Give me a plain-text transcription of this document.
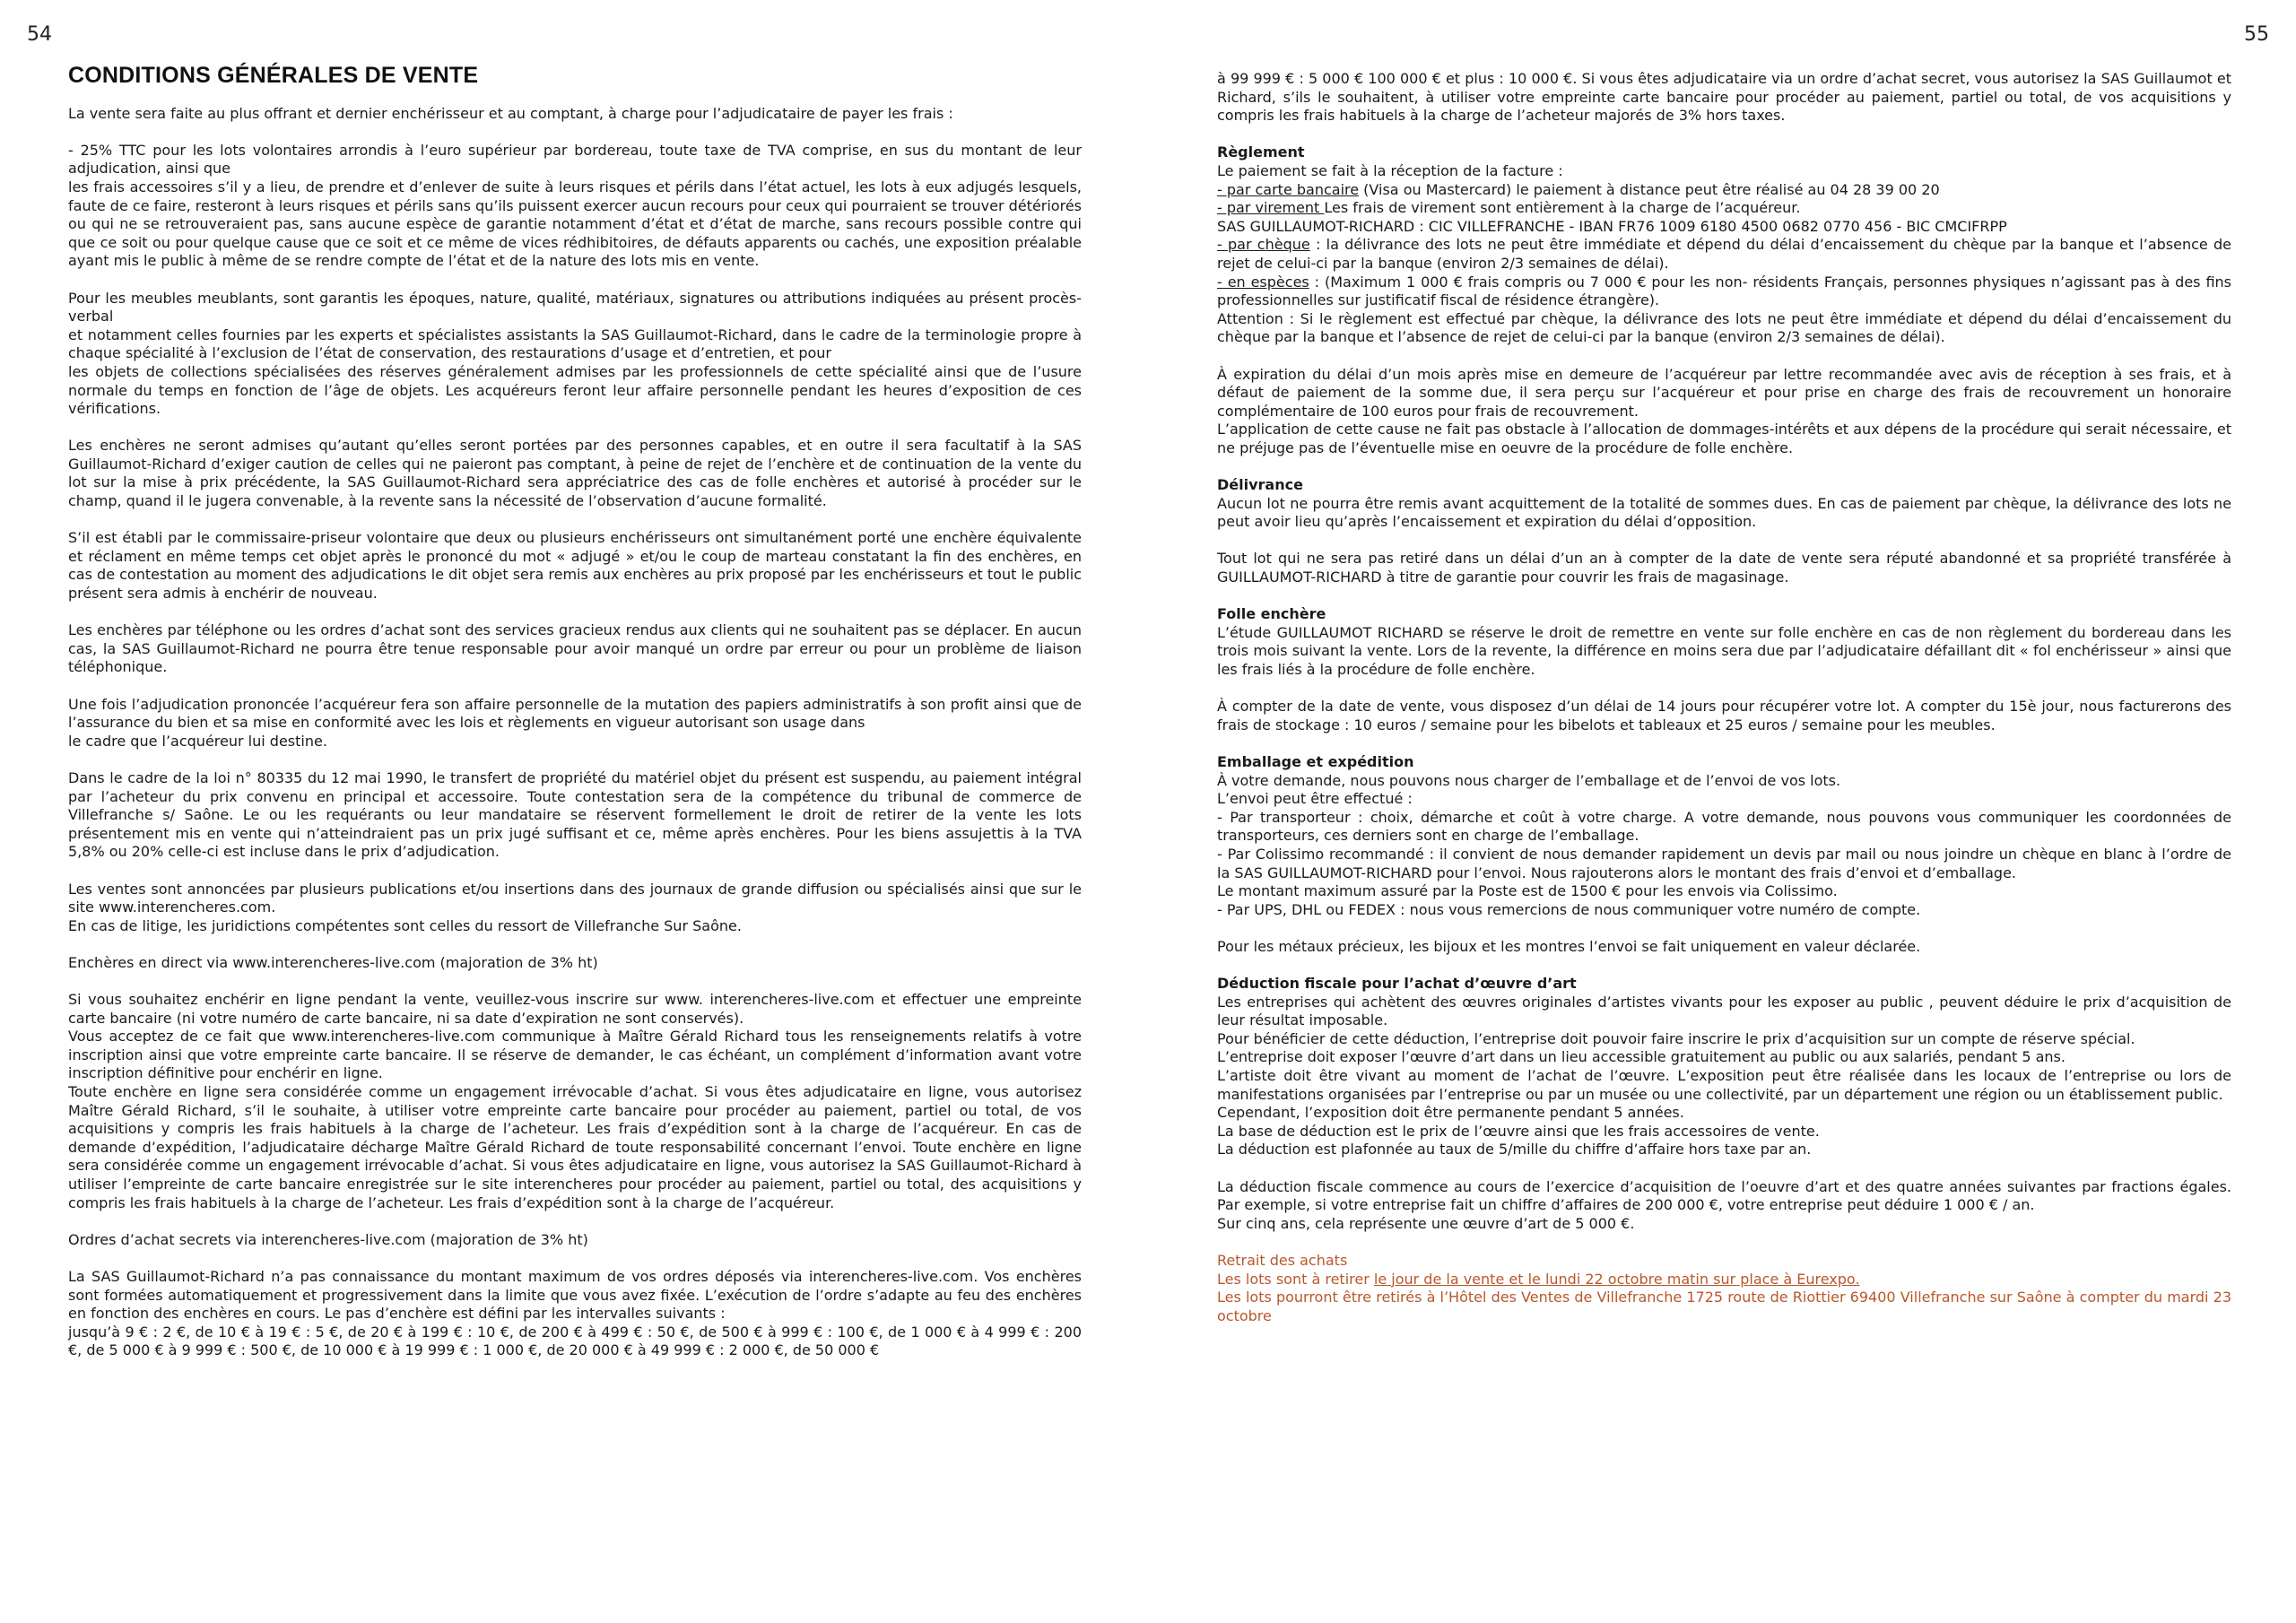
54	55
CONDITIONS GÉNÉRALES DE VENTE

La vente sera faite au plus offrant et dernier enchérisseur et au comptant, à charge pour l’adjudicataire de payer les frais :

- 25% TTC pour les lots volontaires arrondis à l’euro supérieur par bordereau, toute taxe de TVA comprise, en sus du montant de leur adjudication, ainsi que
les frais accessoires s’il y a lieu, de prendre et d’enlever de suite à leurs risques et périls dans l’état actuel, les lots à eux adjugés lesquels, faute de ce faire, resteront à leurs risques et périls sans qu’ils puissent exercer aucun recours pour ceux qui pourraient se trouver détériorés ou qui ne se retrouveraient pas, sans aucune espèce de garantie notamment d’état et d’état de marche, sans recours possible contre qui que ce soit ou pour quelque cause que ce soit et ce même de vices rédhibitoires, de défauts apparents ou cachés, une exposition préalable ayant mis le public à même de se rendre compte de l’état et de la nature des lots mis en vente.

Pour les meubles meublants, sont garantis les époques, nature, qualité, matériaux, signatures ou attributions indiquées au présent procès-verbal
et notamment celles fournies par les experts et spécialistes assistants la SAS Guillaumot-Richard, dans le cadre de la terminologie propre à chaque spécialité à l’exclusion de l’état de conservation, des restaurations d’usage et d’entretien, et pour
les objets de collections spécialisées des réserves généralement admises par les professionnels de cette spécialité ainsi que de l’usure normale du temps en fonction de l’âge de objets. Les acquéreurs feront leur affaire personnelle pendant les heures d’exposition de ces vérifications.

Les enchères ne seront admises qu’autant qu’elles seront portées par des personnes capables, et en outre il sera facultatif à la SAS Guillaumot-Richard d’exiger caution de celles qui ne paieront pas comptant, à peine de rejet de l’enchère et de continuation de la vente du lot sur la mise à prix précédente, la SAS Guillaumot-Richard sera appréciatrice des cas de folle enchères et autorisé à procéder sur le champ, quand il le jugera convenable, à la revente sans la nécessité de l’observation d’aucune formalité.

S’il est établi par le commissaire-priseur volontaire que deux ou plusieurs enchérisseurs ont simultanément porté une enchère équivalente et réclament en même temps cet objet après le prononcé du mot « adjugé » et/ou le coup de marteau constatant la fin des enchères, en cas de contestation au moment des adjudications le dit objet sera remis aux enchères au prix proposé par les enchérisseurs et tout le public présent sera admis à enchérir de nouveau.

Les enchères par téléphone ou les ordres d’achat sont des services gracieux rendus aux clients qui ne souhaitent pas se déplacer. En aucun cas, la SAS Guillaumot-Richard ne pourra être tenue responsable pour avoir manqué un ordre par erreur ou pour un problème de liaison téléphonique.

Une fois l’adjudication prononcée l’acquéreur fera son affaire personnelle de la mutation des papiers administratifs à son profit ainsi que de l’assurance du bien et sa mise en conformité avec les lois et règlements en vigueur autorisant son usage dans
le cadre que l’acquéreur lui destine.

Dans le cadre de la loi n° 80335 du 12 mai 1990, le transfert de propriété du matériel objet du présent est suspendu, au paiement intégral par l’acheteur du prix convenu en principal et accessoire. Toute contestation sera de la compétence du tribunal de commerce de Villefranche s/ Saône. Le ou les requérants ou leur mandataire se réservent formellement le droit de retirer de la vente les lots présentement mis en vente qui n’atteindraient pas un prix jugé suffisant et ce, même après enchères. Pour les biens assujettis à la TVA 5,8% ou 20% celle-ci est incluse dans le prix d’adjudication.

Les ventes sont annoncées par plusieurs publications et/ou insertions dans des journaux de grande diffusion ou spécialisés ainsi que sur le site www.interencheres.com.
En cas de litige, les juridictions compétentes sont celles du ressort de Villefranche Sur Saône.

Enchères en direct via www.interencheres-live.com (majoration de 3% ht)

Si vous souhaitez enchérir en ligne pendant la vente, veuillez-vous inscrire sur www. interencheres-live.com et effectuer une empreinte carte bancaire (ni votre numéro de carte bancaire, ni sa date d’expiration ne sont conservés).
Vous acceptez de ce fait que www.interencheres-live.com communique à Maître Gérald Richard tous les renseignements relatifs à votre inscription ainsi que votre empreinte carte bancaire. Il se réserve de demander, le cas échéant, un complément d’information avant votre inscription définitive pour enchérir en ligne.
Toute enchère en ligne sera considérée comme un engagement irrévocable d’achat. Si vous êtes adjudicataire en ligne, vous autorisez Maître Gérald Richard, s’il le souhaite, à utiliser votre empreinte carte bancaire pour procéder au paiement, partiel ou total, de vos acquisitions y compris les frais habituels à la charge de l’acheteur. Les frais d’expédition sont à la charge de l’acquéreur. En cas de demande d’expédition, l’adjudicataire décharge Maître Gérald Richard de toute responsabilité concernant l’envoi. Toute enchère en ligne sera considérée comme un engagement irrévocable d’achat. Si vous êtes adjudicataire en ligne, vous autorisez la SAS Guillaumot-Richard à utiliser l’empreinte de carte bancaire enregistrée sur le site interencheres pour procéder au paiement, partiel ou total, des acquisitions y compris les frais habituels à la charge de l’acheteur. Les frais d’expédition sont à la charge de l’acquéreur.

Ordres d’achat secrets via interencheres-live.com (majoration de 3% ht)

La SAS Guillaumot-Richard n’a pas connaissance du montant maximum de vos ordres déposés via interencheres-live.com. Vos enchères sont formées automatiquement et progressivement dans la limite que vous avez fixée. L’exécution de l’ordre s’adapte au feu des enchères en fonction des enchères en cours. Le pas d’enchère est défini par les intervalles suivants :
jusqu’à 9 € : 2 €, de 10 € à 19 € : 5 €, de 20 € à 199 € : 10 €, de 200 € à 499 € : 50 €, de 500 € à 999 € : 100 €, de 1 000 € à 4 999 € : 200 €, de 5 000 € à 9 999 € : 500 €, de 10 000 € à 19 999 € : 1 000 €, de 20 000 € à 49 999 € : 2 000 €, de 50 000 €

à 99 999 € : 5 000 € 100 000 € et plus : 10 000 €. Si vous êtes adjudicataire via un ordre d’achat secret, vous autorisez la SAS Guillaumot et Richard, s’ils le souhaitent, à utiliser votre empreinte carte bancaire pour procéder au paiement, partiel ou total, de vos acquisitions y compris les frais habituels à la charge de l’acheteur majorés de 3% hors taxes.

Règlement
Le paiement se fait à la réception de la facture :
- par carte bancaire (Visa ou Mastercard) le paiement à distance peut être réalisé au 04 28 39 00 20
- par virement Les frais de virement sont entièrement à la charge de l’acquéreur.
SAS GUILLAUMOT-RICHARD : CIC VILLEFRANCHE - IBAN FR76 1009 6180 4500 0682 0770 456 - BIC CMCIFRPP
- par chèque : la délivrance des lots ne peut être immédiate et dépend du délai d’encaissement du chèque par la banque et l’absence de rejet de celui-ci par la banque (environ 2/3 semaines de délai).
- en espèces : (Maximum 1 000 € frais compris ou 7 000 € pour les non- résidents Français, personnes physiques n’agissant pas à des fins professionnelles sur justificatif fiscal de résidence étrangère).
Attention : Si le règlement est effectué par chèque, la délivrance des lots ne peut être immédiate et dépend du délai d’encaissement du chèque par la banque et l’absence de rejet de celui-ci par la banque (environ 2/3 semaines de délai).

À expiration du délai d’un mois après mise en demeure de l’acquéreur par lettre recommandée avec avis de réception à ses frais, et à défaut de paiement de la somme due, il sera perçu sur l’acquéreur et pour prise en charge des frais de recouvrement un honoraire complémentaire de 100 euros pour frais de recouvrement.
L’application de cette cause ne fait pas obstacle à l’allocation de dommages-intérêts et aux dépens de la procédure qui serait nécessaire, et ne préjuge pas de l’éventuelle mise en oeuvre de la procédure de folle enchère.

Délivrance
Aucun lot ne pourra être remis avant acquittement de la totalité de sommes dues. En cas de paiement par chèque, la délivrance des lots ne peut avoir lieu qu’après l’encaissement et expiration du délai d’opposition.

Tout lot qui ne sera pas retiré dans un délai d’un an à compter de la date de vente sera réputé abandonné et sa propriété transférée à GUILLAUMOT-RICHARD à titre de garantie pour couvrir les frais de magasinage.

Folle enchère
L’étude GUILLAUMOT RICHARD se réserve le droit de remettre en vente sur folle enchère en cas de non règlement du bordereau dans les trois mois suivant la vente. Lors de la revente, la différence en moins sera due par l’adjudicataire défaillant dit « fol enchérisseur » ainsi que les frais liés à la procédure de folle enchère.

À compter de la date de vente, vous disposez d’un délai de 14 jours pour récupérer votre lot. A compter du 15è jour, nous facturerons des frais de stockage : 10 euros / semaine pour les bibelots et tableaux et 25 euros / semaine pour les meubles.

Emballage et expédition
À votre demande, nous pouvons nous charger de l’emballage et de l’envoi de vos lots.
L’envoi peut être effectué :
- Par transporteur : choix, démarche et coût à votre charge. A votre demande, nous pouvons vous communiquer les coordonnées de transporteurs, ces derniers sont en charge de l’emballage.
- Par Colissimo recommandé : il convient de nous demander rapidement un devis par mail ou nous joindre un chèque en blanc à l’ordre de la SAS GUILLAUMOT-RICHARD pour l’envoi. Nous rajouterons alors le montant des frais d’envoi et d’emballage.
Le montant maximum assuré par la Poste est de 1500 € pour les envois via Colissimo.
- Par UPS, DHL ou FEDEX : nous vous remercions de nous communiquer votre numéro de compte.

Pour les métaux précieux, les bijoux et les montres l’envoi se fait uniquement en valeur déclarée.

Déduction fiscale pour l’achat d’œuvre d’art
Les entreprises qui achètent des œuvres originales d’artistes vivants pour les exposer au public , peuvent déduire le prix d’acquisition de leur résultat imposable.
Pour bénéficier de cette déduction, l’entreprise doit pouvoir faire inscrire le prix d’acquisition sur un compte de réserve spécial.
L’entreprise doit exposer l’œuvre d’art dans un lieu accessible gratuitement au public ou aux salariés, pendant 5 ans.
L’artiste doit être vivant au moment de l’achat de l’œuvre. L’exposition peut être réalisée dans les locaux de l’entreprise ou lors de manifestations organisées par l’entreprise ou par un musée ou une collectivité, par un département une région ou un établissement public.
Cependant, l’exposition doit être permanente pendant 5 années.
La base de déduction est le prix de l’œuvre ainsi que les frais accessoires de vente.
La déduction est plafonnée au taux de 5/mille du chiffre d’affaire hors taxe par an.

La déduction fiscale commence au cours de l’exercice d’acquisition de l’oeuvre d’art et des quatre années suivantes par fractions égales. Par exemple, si votre entreprise fait un chiffre d’affaires de 200 000 €, votre entreprise peut déduire 1 000 € / an.
Sur cinq ans, cela représente une œuvre d’art de 5 000 €.

Retrait des achats
Les lots sont à retirer le jour de la vente et le lundi 22 octobre matin sur place à Eurexpo.
Les lots pourront être retirés à l’Hôtel des Ventes de Villefranche 1725 route de Riottier 69400 Villefranche sur Saône à compter du mardi 23 octobre
